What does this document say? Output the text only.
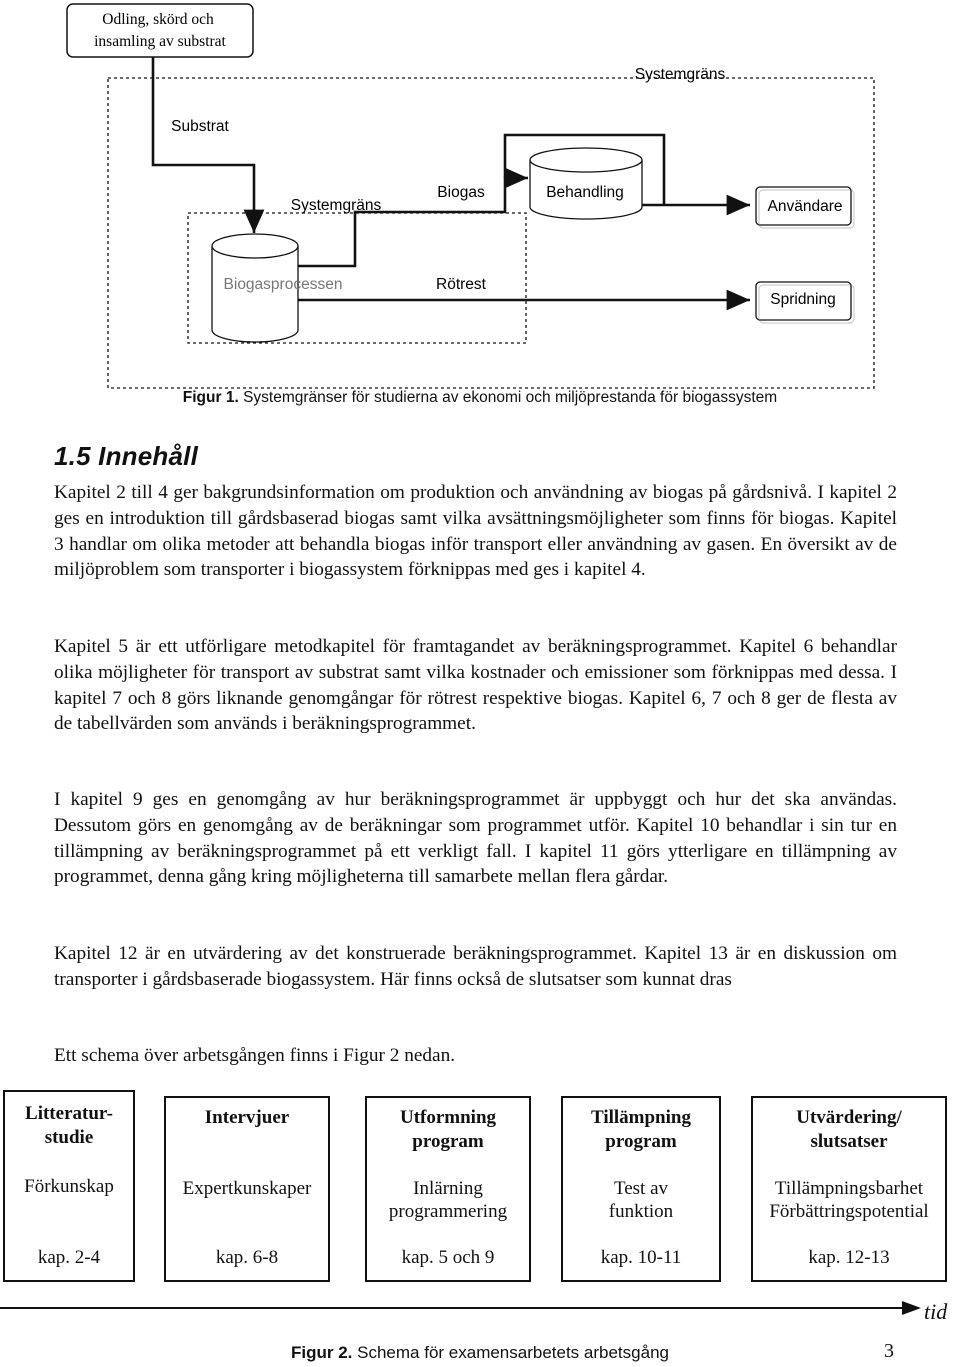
Odling, skörd och insamling av substrat
Användare
Spridning
Systemgräns
Substrat
Systemgräns
Biogas	Behandling
Biogasprocessen	Rötrest
Figur 1. Systemgränser för studierna av ekonomi och miljöprestanda för biogassystem
1.5 Innehåll

Kapitel 2 till 4 ger bakgrundsinformation om produktion och användning av biogas på gårdsnivå. I kapitel 2 ges en introduktion till gårdsbaserad biogas samt vilka avsättningsmöjligheter som finns för biogas. Kapitel 3 handlar om olika metoder att behandla biogas inför transport eller användning av gasen. En översikt av de miljöproblem som transporter i biogassystem förknippas med ges i kapitel 4.

Kapitel 5 är ett utförligare metodkapitel för framtagandet av beräkningsprogrammet. Kapitel 6 behandlar olika möjligheter för transport av substrat samt vilka kostnader och emissioner som förknippas med dessa. I kapitel 7 och 8 görs liknande genomgångar för rötrest respektive biogas. Kapitel 6, 7 och 8 ger de flesta av de tabellvärden som används i beräkningsprogrammet.

I kapitel 9 ges en genomgång av hur beräkningsprogrammet är uppbyggt och hur det ska användas. Dessutom görs en genomgång av de beräkningar som programmet utför. Kapitel 10 behandlar i sin tur en tillämpning av beräkningsprogrammet på ett verkligt fall. I kapitel 11 görs ytterligare en tillämpning av programmet, denna gång kring möjligheterna till samarbete mellan flera gårdar.

Kapitel 12 är en utvärdering av det konstruerade beräkningsprogrammet. Kapitel 13 är en diskussion om transporter i gårdsbaserade biogassystem. Här finns också de slutsatser som kunnat dras

Ett schema över arbetsgången finns i Figur 2 nedan.

Litteratur-
studie
Förkunskap
kap. 2-4
Intervjuer
Expertkunskaper
kap. 6-8
Utformning
program
Inlärning
programmering
kap. 5 och 9
Tillämpning
program
Test av
funktion
kap. 10-11
Utvärdering/
slutsatser
Tillämpningsbarhet
Förbättringspotential
kap. 12-13
tid
Figur 2. Schema för examensarbetets arbetsgång	3
